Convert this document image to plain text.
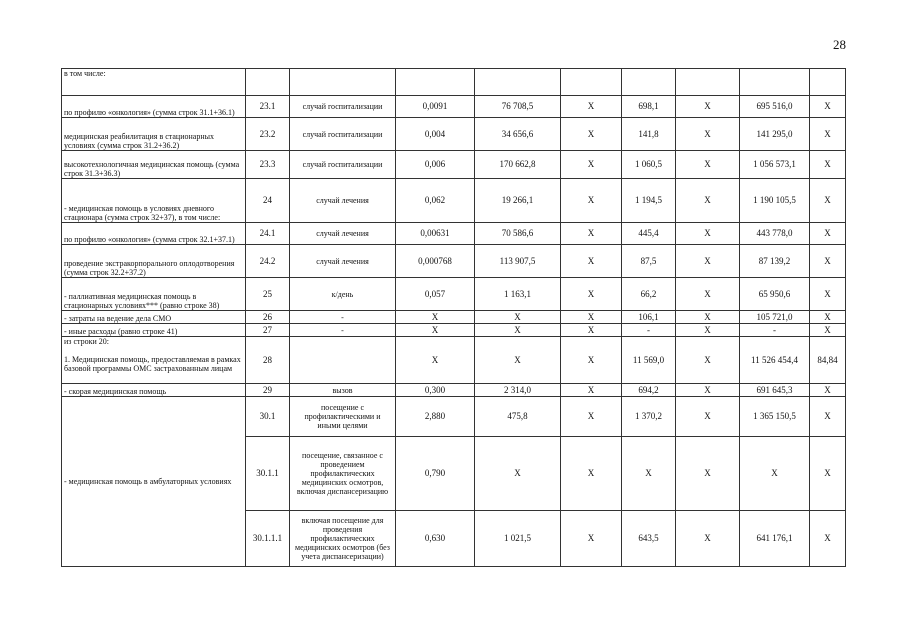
28
в том числе:									
по профилю «онкология» (сумма строк 31.1+36.1)	23.1	случай госпитализации	0,0091	76 708,5	Х	698,1	Х	695 516,0	Х
медицинская реабилитация в стационарных условиях (сумма строк 31.2+36.2)	23.2	случай госпитализации	0,004	34 656,6	Х	141,8	Х	141 295,0	Х
высокотехнологичная медицинская помощь (сумма строк 31.3+36.3)	23.3	случай госпитализации	0,006	170 662,8	Х	1 060,5	Х	1 056 573,1	Х
- медицинская помощь в условиях дневного стационара (сумма строк 32+37), в том числе:	24	случай лечения	0,062	19 266,1	Х	1 194,5	Х	1 190 105,5	Х
по профилю «онкология» (сумма строк 32.1+37.1)	24.1	случай лечения	0,00631	70 586,6	Х	445,4	Х	443 778,0	Х
проведение экстракорпорального оплодотворения (сумма строк 32.2+37.2)	24.2	случай лечения	0,000768	113 907,5	Х	87,5	Х	87 139,2	Х
- паллиативная медицинская помощь в стационарных условиях*** (равно строке 38)	25	к/день	0,057	1 163,1	Х	66,2	Х	65 950,6	Х
- затраты на ведение дела СМО	26	-	Х	Х	Х	106,1	Х	105 721,0	Х
- иные расходы (равно строке 41)	27	-	Х	Х	Х	-	Х	-	Х

из строки 20:
1. Медицинская помощь, предоставляемая в рамках базовой программы ОМС застрахованным лицам	28		Х	Х	Х	11 569,0	Х	11 526 454,4	84,84
- скорая медицинская помощь	29	вызов	0,300	2 314,0	Х	694,2	Х	691 645,3	Х
- медицинская помощь в амбулаторных условиях	30.1	посещение с профилактическими и иными целями	2,880	475,8	Х	1 370,2	Х	1 365 150,5	Х
	30.1.1	посещение, связанное с проведением профилактических медицинских осмотров, включая диспансеризацию	0,790	Х	Х	Х	Х	Х	Х
	30.1.1.1	включая посещение для проведения профилактических медицинских осмотров (без учета диспансеризации)	0,630	1 021,5	Х	643,5	Х	641 176,1	Х
